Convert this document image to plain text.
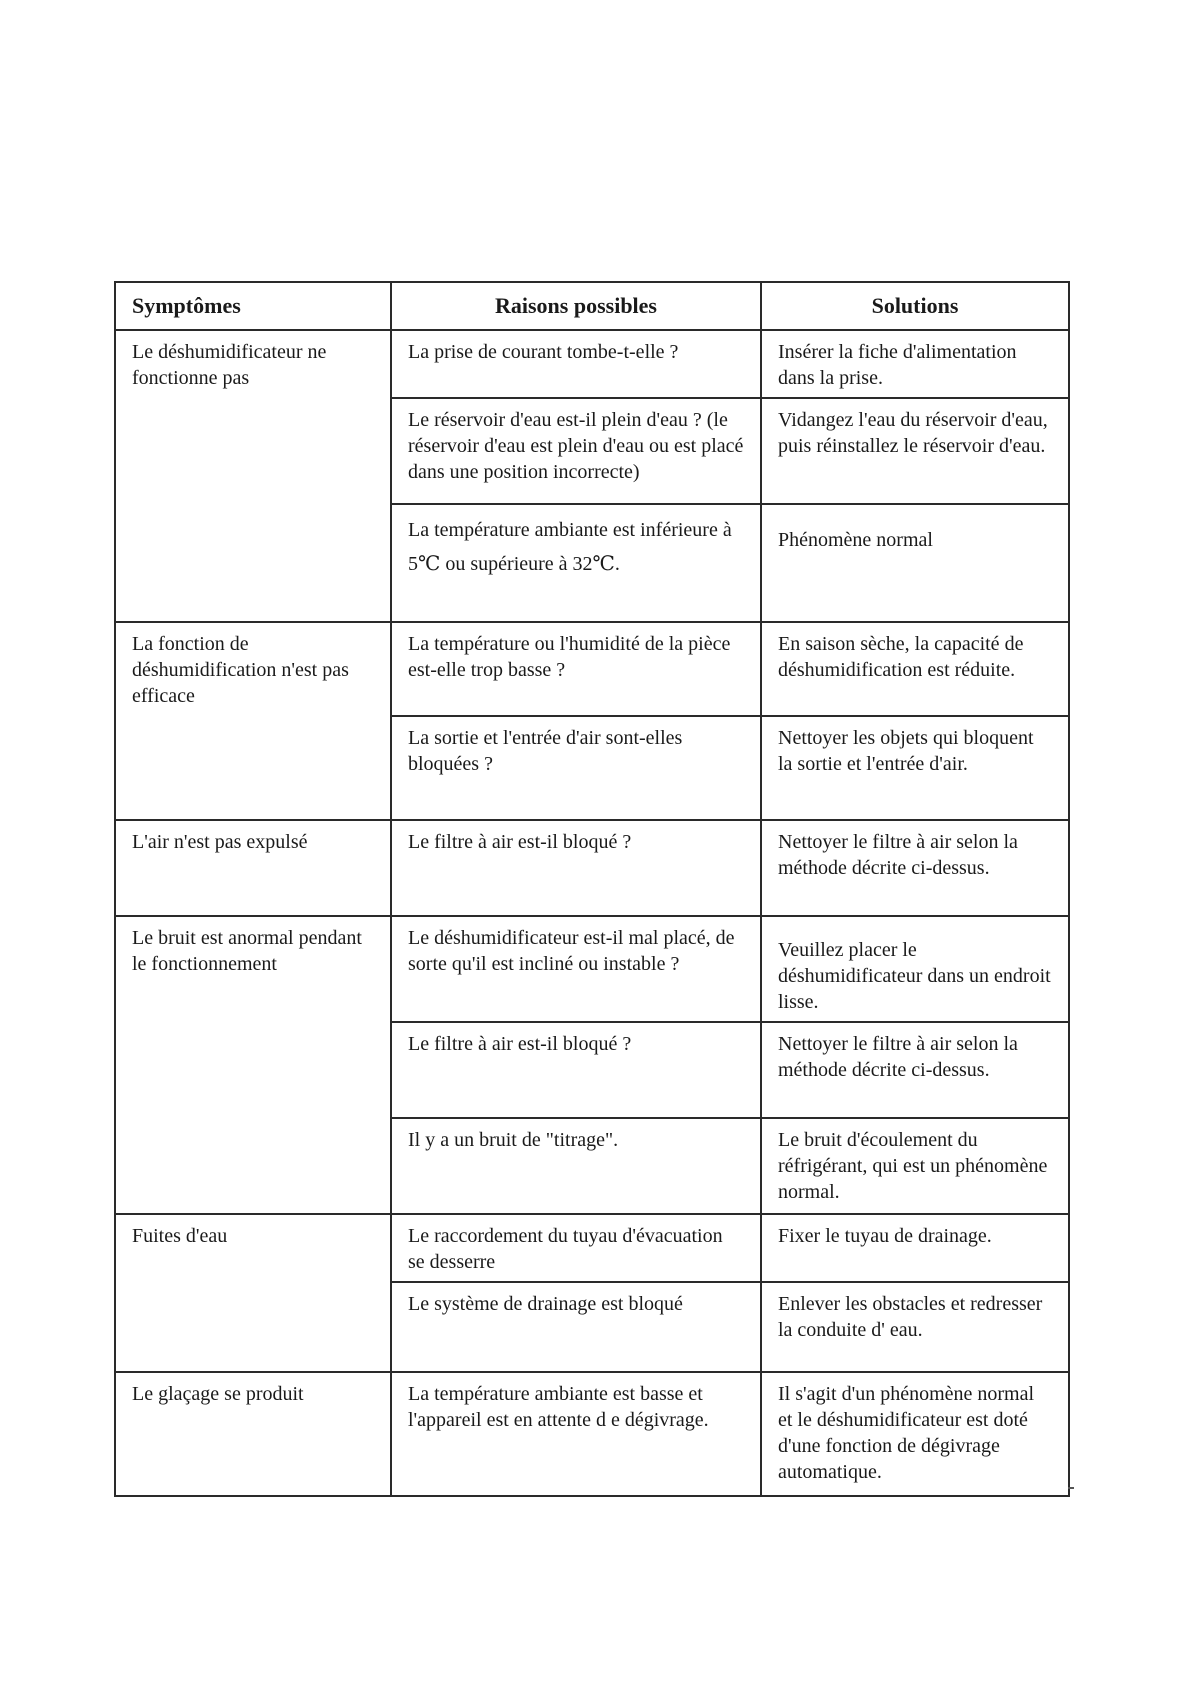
Symptômes	Raisons possibles	Solutions
Le déshumidificateur ne fonctionne pas	La prise de courant tombe-t-elle ?	Insérer la fiche d'alimentation dans la prise.
	Le réservoir d'eau est-il plein d'eau ? (le réservoir d'eau est plein d'eau ou est placé dans une position incorrecte)	Vidangez l'eau du réservoir d'eau, puis réinstallez le réservoir d'eau.
	La température ambiante est inférieure à 5℃ ou supérieure à 32℃.	Phénomène normal
La fonction de déshumidification n'est pas efficace	La température ou l'humidité de la pièce est-elle trop basse ?	En saison sèche, la capacité de déshumidification est réduite.
	La sortie et l'entrée d'air sont-elles bloquées ?	Nettoyer les objets qui bloquent la sortie et l'entrée d'air.
L'air n'est pas expulsé	Le filtre à air est-il bloqué ?	Nettoyer le filtre à air selon la méthode décrite ci-dessus.
Le bruit est anormal pendant le fonctionnement	Le déshumidificateur est-il mal placé, de sorte qu'il est incliné ou instable ?	Veuillez placer le déshumidificateur dans un endroit lisse.
	Le filtre à air est-il bloqué ?	Nettoyer le filtre à air selon la méthode décrite ci-dessus.
	Il y a un bruit de "titrage".	Le bruit d'écoulement du réfrigérant, qui est un phénomène normal.
Fuites d'eau	Le raccordement du tuyau d'évacuation se desserre	Fixer le tuyau de drainage.
	Le système de drainage est bloqué	Enlever les obstacles et redresser la conduite d' eau.
Le glaçage se produit	La température ambiante est basse et l'appareil est en attente d e dégivrage.	Il s'agit d'un phénomène normal et le déshumidificateur est doté d'une fonction de dégivrage automatique.
